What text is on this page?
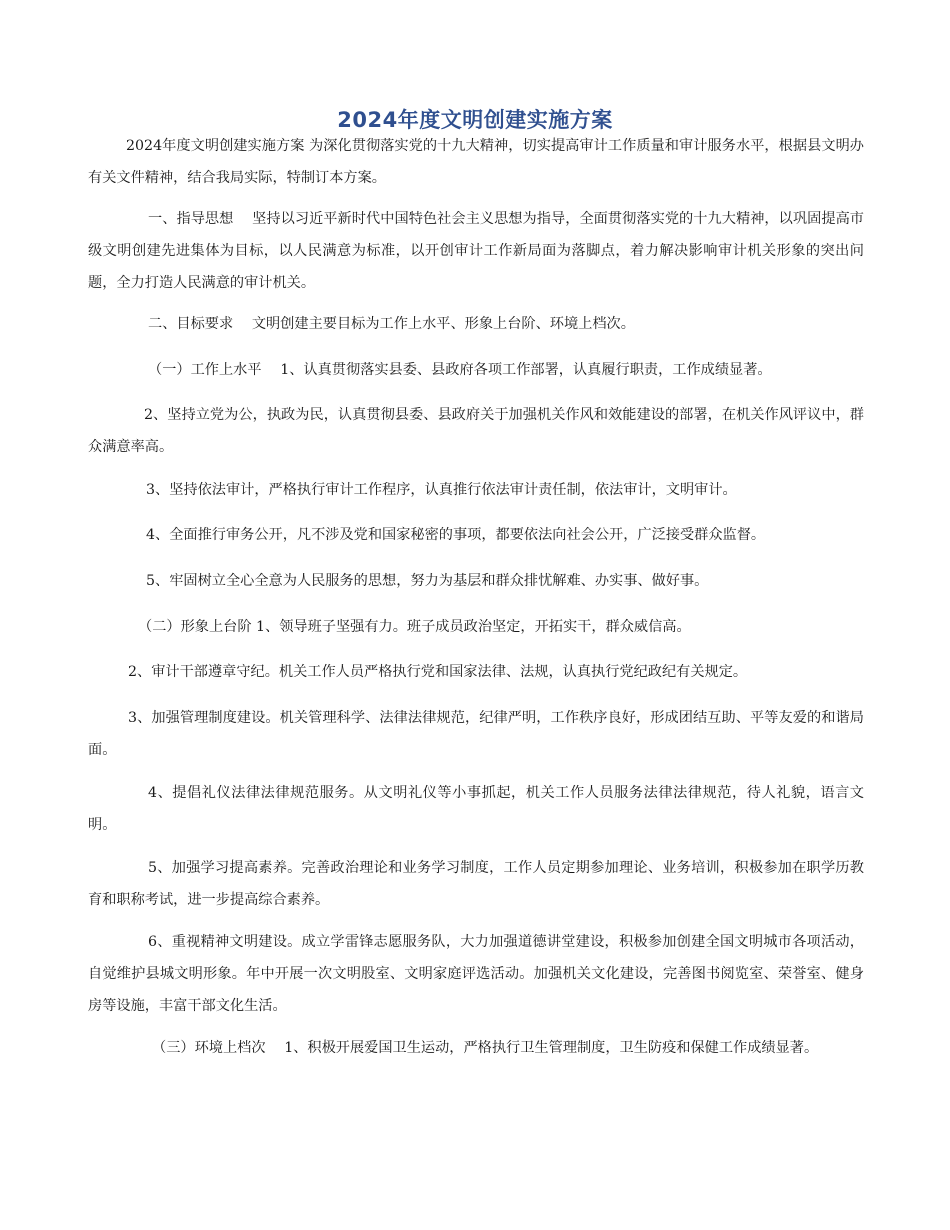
2024年度文明创建实施方案

2024年度文明创建实施方案 为深化贯彻落实党的十九大精神，切实提高审计工作质量和审计服务水平，根据县文明办有关文件精神，结合我局实际，特制订本方案。

一、指导思想　 坚持以习近平新时代中国特色社会主义思想为指导，全面贯彻落实党的十九大精神，以巩固提高市级文明创建先进集体为目标，以人民满意为标准，以开创审计工作新局面为落脚点，着力解决影响审计机关形象的突出问题，全力打造人民满意的审计机关。

二、目标要求　 文明创建主要目标为工作上水平、形象上台阶、环境上档次。

（一）工作上水平　 1、认真贯彻落实县委、县政府各项工作部署，认真履行职责，工作成绩显著。

2、坚持立党为公，执政为民，认真贯彻县委、县政府关于加强机关作风和效能建设的部署，在机关作风评议中，群众满意率高。

3、坚持依法审计，严格执行审计工作程序，认真推行依法审计责任制，依法审计，文明审计。

4、全面推行审务公开，凡不涉及党和国家秘密的事项，都要依法向社会公开，广泛接受群众监督。

5、牢固树立全心全意为人民服务的思想，努力为基层和群众排忧解难、办实事、做好事。

（二）形象上台阶 1、领导班子坚强有力。班子成员政治坚定，开拓实干，群众威信高。

2、审计干部遵章守纪。机关工作人员严格执行党和国家法律、法规，认真执行党纪政纪有关规定。

3、加强管理制度建设。机关管理科学、法律法律规范，纪律严明，工作秩序良好，形成团结互助、平等友爱的和谐局面。

4、提倡礼仪法律法律规范服务。从文明礼仪等小事抓起，机关工作人员服务法律法律规范，待人礼貌，语言文明。

5、加强学习提高素养。完善政治理论和业务学习制度，工作人员定期参加理论、业务培训，积极参加在职学历教育和职称考试，进一步提高综合素养。

6、重视精神文明建设。成立学雷锋志愿服务队，大力加强道德讲堂建设，积极参加创建全国文明城市各项活动，自觉维护县城文明形象。年中开展一次文明股室、文明家庭评选活动。加强机关文化建设，完善图书阅览室、荣誉室、健身房等设施，丰富干部文化生活。

（三）环境上档次　 1、积极开展爱国卫生运动，严格执行卫生管理制度，卫生防疫和保健工作成绩显著。
